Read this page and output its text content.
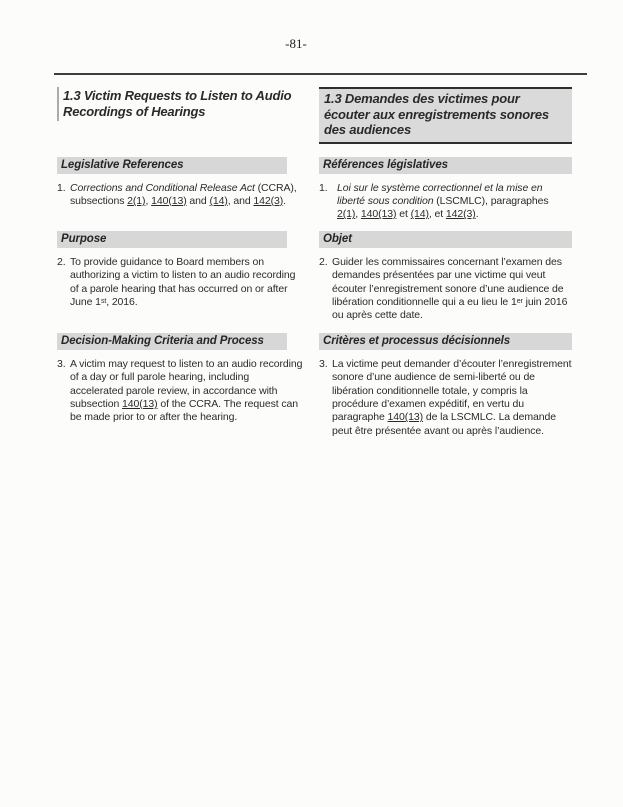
-81-
1.3 Victim Requests to Listen to Audio Recordings of Hearings
1.3 Demandes des victimes pour écouter aux enregistrements sonores des audiences
Legislative References	Références législatives
1. Corrections and Conditional Release Act (CCRA), subsections 2(1), 140(13) and (14), and 142(3).
1. Loi sur le système correctionnel et la mise en liberté sous condition (LSCMLC), paragraphes 2(1), 140(13) et (14), et 142(3).
Purpose	Objet
2. To provide guidance to Board members on authorizing a victim to listen to an audio recording of a parole hearing that has occurred on or after June 1st, 2016.
2. Guider les commissaires concernant l’examen des demandes présentées par une victime qui veut écouter l’enregistrement sonore d’une audience de libération conditionnelle qui a eu lieu le 1er juin 2016 ou après cette date.
Decision-Making Criteria and Process	Critères et processus décisionnels
3. A victim may request to listen to an audio recording of a day or full parole hearing, including accelerated parole review, in accordance with subsection 140(13) of the CCRA. The request can be made prior to or after the hearing.
3. La victime peut demander d’écouter l’enregistrement sonore d’une audience de semi-liberté ou de libération conditionnelle totale, y compris la procédure d’examen expéditif, en vertu du paragraphe 140(13) de la LSCMLC. La demande peut être présentée avant ou après l’audience.
